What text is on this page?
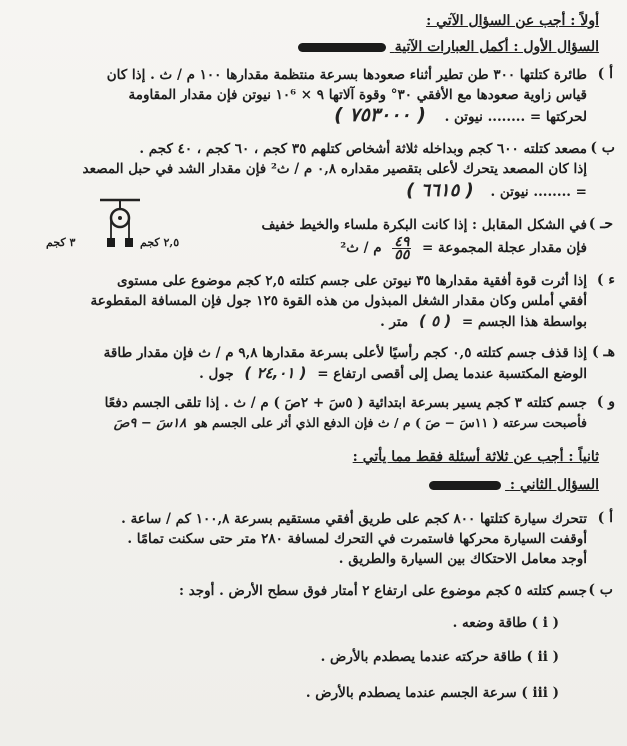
أولاً : أجب عن السؤال الآتي :
السؤال الأول : أكمل العبارات الآتية
أ )
طائرة كتلتها ٣٠٠ طن تطير أثناء صعودها بسرعة منتظمة مقدارها ١٠٠ م / ث . إذا كان
قياس زاوية صعودها مع الأفقي ٣٠° وقوة آلاتها ٩ × ١٠⁶ نيوتن فإن مقدار المقاومة
لحركتها = ........ نيوتن . ( ٧٥٣٠٠٠ )
ب )
مصعد كتلته ٦٠٠ كجم وبداخله ثلاثة أشخاص كتلهم ٣٥ كجم ، ٦٠ كجم ، ٤٠ كجم .
إذا كان المصعد يتحرك لأعلى بتقصير مقداره ٠,٨ م / ث² فإن مقدار الشد في حبل المصعد
= ........ نيوتن . ( ٦٦١٥ )
حـ )
في الشكل المقابل : إذا كانت البكرة ملساء والخيط خفيف
فإن مقدار عجلة المجموعة =
$\frac{٤٩}{٥٥}$
م / ث²
٣ كجم	٢,٥ كجم
ء )
إذا أثرت قوة أفقية مقدارها ٣٥ نيوتن على جسم كتلته ٢,٥ كجم موضوع على مستوى
أفقي أملس وكان مقدار الشغل المبذول من هذه القوة ١٢٥ جول فإن المسافة المقطوعة
بواسطة هذا الجسم = ( ٥ ) متر .
هـ )
إذا قذف جسم كتلته ٠,٥ كجم رأسيًا لأعلى بسرعة مقدارها ٩,٨ م / ث فإن مقدار طاقة
الوضع المكتسبة عندما يصل إلى أقصى ارتفاع = ( ٢٤,٠١ ) جول .
و )
جسم كتلته ٣ كجم يسير بسرعة ابتدائية ( ٥سَ + ٢صَ ) م / ث . إذا تلقى الجسم دفعًا
فأصبحت سرعته ( ١١سَ − صَ ) م / ث فإن الدفع الذي أثر على الجسم هو ١٨سَ − ٩صَ
ثانياً : أجب عن ثلاثة أسئلة فقط مما يأتي :
السؤال الثاني :
أ )
تتحرك سيارة كتلتها ٨٠٠ كجم على طريق أفقي مستقيم بسرعة ١٠٠,٨ كم / ساعة .
أوقفت السيارة محركها فاستمرت في التحرك لمسافة ٢٨٠ متر حتى سكنت تمامًا .
أوجد معامل الاحتكاك بين السيارة والطريق .
ب )
جسم كتلته ٥ كجم موضوع على ارتفاع ٢ أمتار فوق سطح الأرض . أوجد :
( i ) طاقة وضعه .
( ii ) طاقة حركته عندما يصطدم بالأرض .
( iii ) سرعة الجسم عندما يصطدم بالأرض .
